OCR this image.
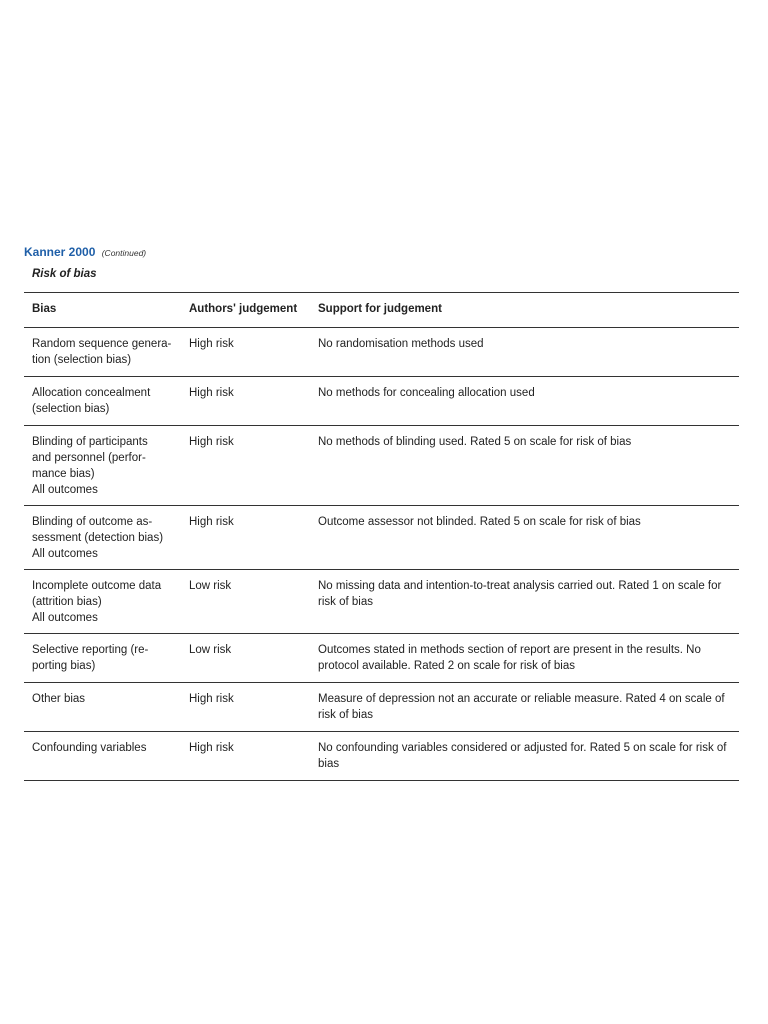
Kanner 2000 (Continued)
Risk of bias
Bias	Authors' judgement	Support for judgement
Random sequence genera-
tion (selection bias)	High risk	No randomisation methods used
Allocation concealment
(selection bias)	High risk	No methods for concealing allocation used
Blinding of participants
and personnel (perfor-
mance bias)
All outcomes	High risk	No methods of blinding used. Rated 5 on scale for risk of bias
Blinding of outcome as-
sessment (detection bias)
All outcomes	High risk	Outcome assessor not blinded. Rated 5 on scale for risk of bias
Incomplete outcome data
(attrition bias)
All outcomes	Low risk	No missing data and intention-to-treat analysis carried out. Rated 1 on scale for risk of bias
Selective reporting (re-
porting bias)	Low risk	Outcomes stated in methods section of report are present in the results. No protocol available. Rated 2 on scale for risk of bias
Other bias	High risk	Measure of depression not an accurate or reliable measure. Rated 4 on scale of risk of bias
Confounding variables	High risk	No confounding variables considered or adjusted for. Rated 5 on scale for risk of bias
